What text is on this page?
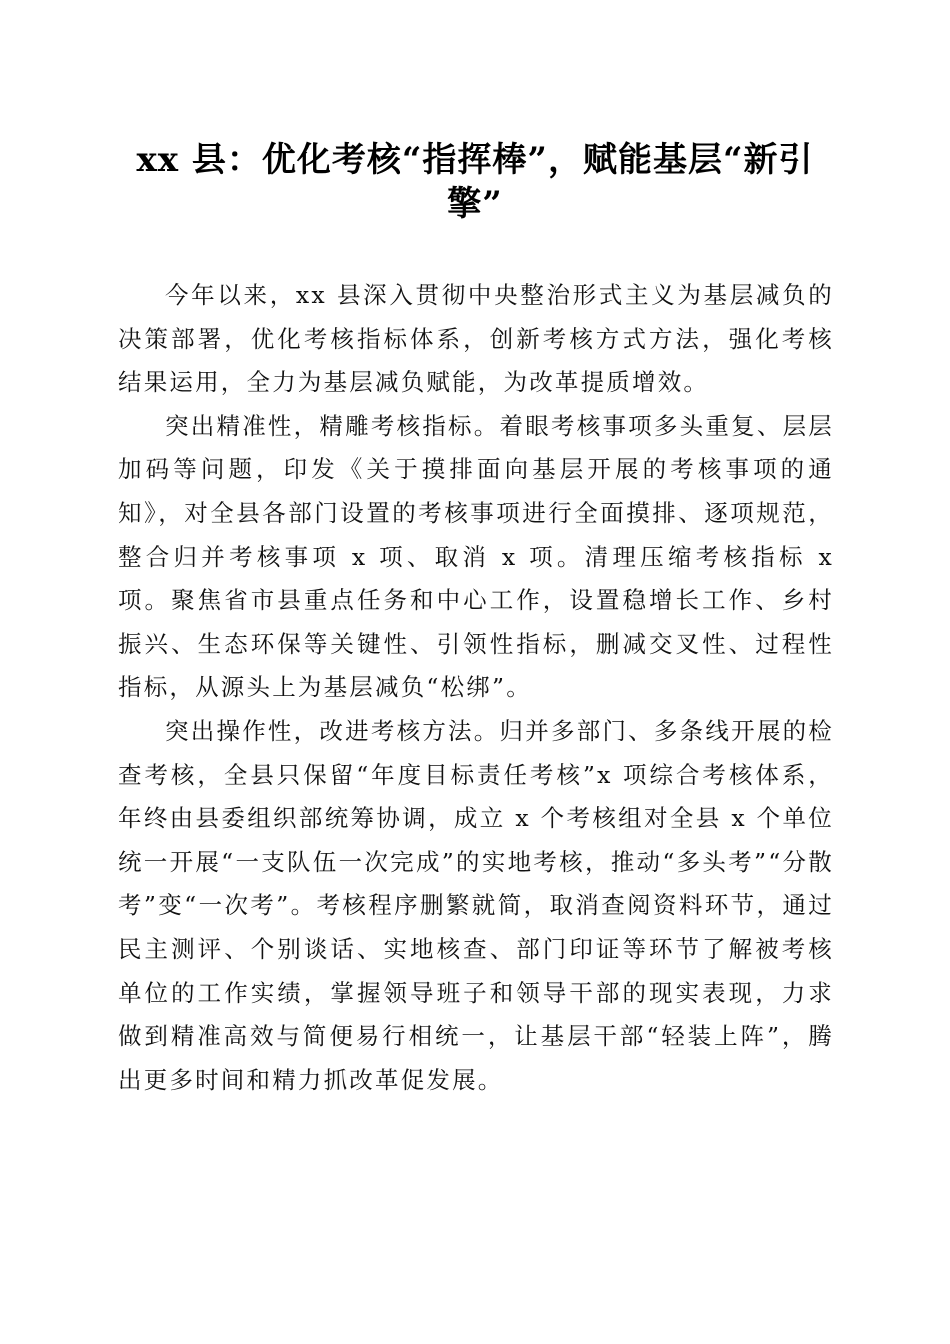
xx 县：优化考核“指挥棒”，赋能基层“新引擎”

今年以来，xx 县深入贯彻中央整治形式主义为基层减负的决策部署，优化考核指标体系，创新考核方式方法，强化考核结果运用，全力为基层减负赋能，为改革提质增效。

突出精准性，精雕考核指标。着眼考核事项多头重复、层层加码等问题，印发《关于摸排面向基层开展的考核事项的通知》，对全县各部门设置的考核事项进行全面摸排、逐项规范，整合归并考核事项 x 项、取消 x 项。清理压缩考核指标 x 项。聚焦省市县重点任务和中心工作，设置稳增长工作、乡村振兴、生态环保等关键性、引领性指标，删减交叉性、过程性指标，从源头上为基层减负“松绑”。

突出操作性，改进考核方法。归并多部门、多条线开展的检查考核，全县只保留“年度目标责任考核”x 项综合考核体系，年终由县委组织部统筹协调，成立 x 个考核组对全县 x 个单位统一开展“一支队伍一次完成”的实地考核，推动“多头考”“分散考”变“一次考”。考核程序删繁就简，取消查阅资料环节，通过民主测评、个别谈话、实地核查、部门印证等环节了解被考核单位的工作实绩，掌握领导班子和领导干部的现实表现，力求做到精准高效与简便易行相统一，让基层干部“轻装上阵”，腾出更多时间和精力抓改革促发展。
